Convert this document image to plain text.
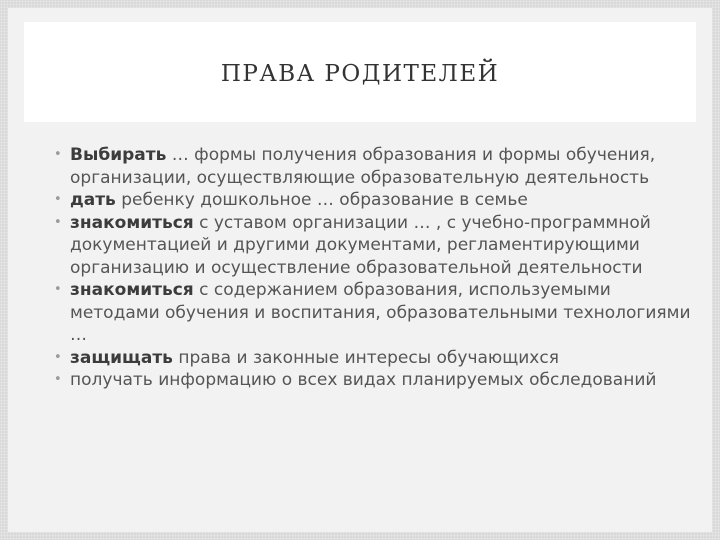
ПРАВА РОДИТЕЛЕЙ
• Выбирать … формы получения образования и формы обучения, организации, осуществляющие образовательную деятельность
• дать ребенку дошкольное … образование в семье
• знакомиться с уставом организации … , с учебно-программной документацией и другими документами, регламентирующими организацию и осуществление образовательной деятельности
• знакомиться с содержанием образования, используемыми методами обучения и воспитания, образовательными технологиями …
• защищать права и законные интересы обучающихся
• получать информацию о всех видах планируемых обследований
